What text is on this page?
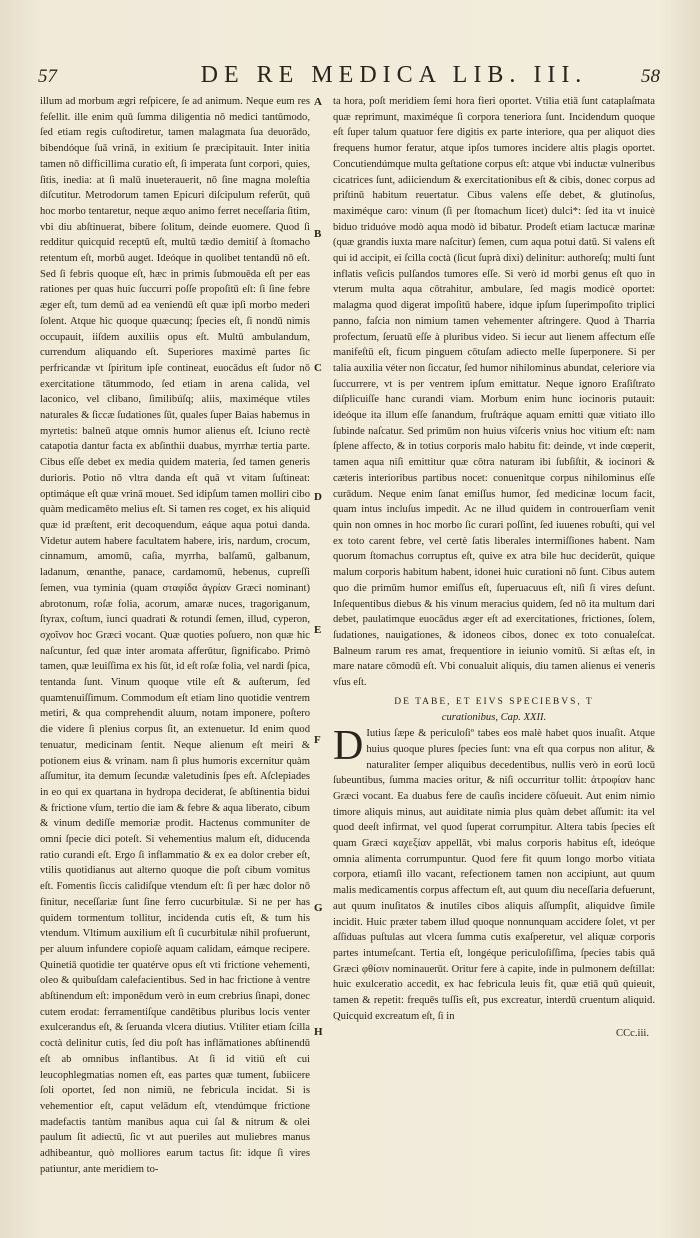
57	DE RE MEDICA LIB. III.	58

illum ad morbum ægri reſpicere, ſe ad animum. Neque eum res feſellit. ille enim quū ſumma diligentia nō medici tantūmodo, ſed etiam regis cuſtodiretur, tamen malagmata ſua deuorādo, bibendóque ſuā vrinā, in exitium ſe præcipitauit. Inter initia tamen nō difficillima curatio eſt, ſi imperata ſunt corpori, quies, ſitis, inedia: at ſi malū inueterauerit, nō ſine magna moleſtia diſcutitur. Metrodorum tamen Epicuri diſcipulum referūt, quū hoc morbo tentaretur, neque æquo animo ferret neceſſaria ſitim, vbi diu abſtinuerat, bibere ſolitum, deinde euomere. Quod ſi redditur quicquid receptū eſt, multū tædio demitiſ à ſtomacho retentum eſt, morbū auget. Ideóque in quolibet tentandū nō eſt. Sed ſi febris quoque eſt, hæc in primis ſubmouēda eſt per eas rationes per quas huic ſuccurri poſſe propoſitū eſt: ſi ſine febre æger eſt, tum demū ad ea veniendū eſt quæ ipſi morbo mederi ſolent. Atque hic quoque quæcunq; ſpecies eſt, ſi nondū nimis occupauit, iiſdem auxiliis opus eſt. Multū ambulandum, currendum aliquando eſt. Superiores maximè partes ſic perfricandæ vt ſpiritum ipſe contineat, euocādus eſt ſudor nō exercitatione tātummodo, ſed etiam in arena calida, vel laconico, vel clibano, ſimilibúſq; aliis, maximéque vtiles naturales & ſiccæ ſudationes ſūt, quales ſuper Baias habemus in myrtetis: balneū atque omnis humor alienus eſt. Iciuno rectè catapotia dantur facta ex abſinthii duabus, myrrhæ tertia parte. Cibus eſſe debet ex media quidem materia, ſed tamen generis durioris. Potio nō vltra danda eſt quā vt vitam ſuſtineat: optimáque eſt quæ vrinā mouet. Sed idipſum tamen molliri cibo quàm medicamēto melius eſt. Si tamen res coget, ex his aliquid quæ id præſtent, erit decoquendum, eáque aqua potui danda. Videtur autem habere facultatem habere, iris, nardum, crocum, cinnamum, amomū, caſia, myrrha, balſamū, galbanum, ladanum, œnanthe, panace, cardamomū, hebenus, cupreſſi ſemen, vua tyminia (quam σταφίδα ἀγρίαν Græci nominant) abrotonum, roſæ folia, acorum, amaræ nuces, tragoriganum, ſtyrax, coſtum, iunci quadrati & rotundi ſemen, illud, cyperon, σχοῖνον hoc Græci vocant. Quæ quoties poſuero, non quæ hic naſcuntur, ſed quæ inter aromata afferūtur, ſignificabo. Primò tamen, quæ leuiſſima ex his ſūt, id eſt roſæ folia, vel nardi ſpica, tentanda ſunt. Vinum quoque vtile eſt & auſterum, ſed quamtenuiſſimum. Commodum eſt etiam lino quotidie ventrem metiri, & qua comprehendit aluum, notam imponere, poſtero die videre ſi plenius corpus ſit, an extenuetur. Id enim quod tenuatur, medicinam ſentit. Neque alienum eſt meiri & potionem eius & vrinam. nam ſi plus humoris excernitur quàm aſſumitur, ita demum ſecundæ valetudinis ſpes eſt. Aſclepiades in eo qui ex quartana in hydropa deciderat, ſe abſtinentia bidui & frictione vſum, tertio die iam & febre & aqua liberato, cibum & vinum dediſſe memoriæ prodit. Hactenus communiter de omni ſpecie dici poteſt. Si vehementius malum eſt, diducenda ratio curandi eſt. Ergo ſi inflammatio & ex ea dolor creber eſt, vtilis quotidianus aut alterno quoque die poſt cibum vomitus eſt. Fomentis ſiccis calidiſque vtendum eſt: ſi per hæc dolor nō finitur, neceſſariæ ſunt ſine ferro cucurbitulæ. Si ne per has quidem tormentum tollitur, incidenda cutis eſt, & tum his vtendum. Vltimum auxilium eſt ſi cucurbitulæ nihil profuerunt, per aluum infundere copioſè aquam calidam, eámque recipere. Quinetiā quotidie ter quatérve opus eſt vti frictione vehementi, oleo & quibuſdam calefacientibus. Sed in hac frictione à ventre abſtinendum eſt: imponēdum verò in eum crebrius ſinapi, donec cutem erodat: ferramentiſque candētibus pluribus locis venter exulcerandus eſt, & ſeruanda vlcera diutius. Vtiliter etiam ſcilla coctà delinitur cutis, ſed diu poſt has inflāmationes abſtinendū eſt ab omnibus inflantibus. At ſi id vitiū eſt cui leucophlegmatias nomen eſt, eas partes quæ tument, ſubiicere ſoli oportet, ſed non nimiū, ne febricula incidat. Si is vehementior eſt, caput velādum eſt, vtendúmque frictione madefactis tantùm manibus aqua cui ſal & nitrum & olei paulum ſit adiectū, ſic vt aut pueriles aut muliebres manus adhibeantur, quò molliores earum tactus ſit: idque ſi vires patiuntur, ante meridiem to-

A
B
C
D
E
F
G
H

ta hora, poſt meridiem ſemi hora fieri oportet. Vtilia etiā ſunt cataplaſmata quæ reprimunt, maximéque ſi corpora teneriora ſunt. Incidendum quoque eſt ſuper talum quatuor fere digitis ex parte interiore, qua per aliquot dies frequens humor feratur, atque ipſos tumores incidere altis plagis oportet. Concutiendúmque multa geſtatione corpus eſt: atque vbi inductæ vulneribus cicatrices ſunt, adiiciendum & exercitationibus eſt & cibis, donec corpus ad priſtinū habitum reuertatur. Cibus valens eſſe debet, & glutinoſus, maximéque caro: vinum (ſi per ſtomachum licet) dulci*: ſed ita vt inuicè biduo triduóve modò aqua modò id bibatur. Prodeſt etiam lactucæ marinæ (quæ grandis iuxta mare naſcitur) ſemen, cum aqua potui datū. Si valens eſt qui id accipit, ei ſcilla coctà (ſicut ſuprà dixi) delinitur: authoreſq; multi ſunt inflatis veſicis pulſandos tumores eſſe. Si verò id morbi genus eſt quo in vterum multa aqua cōtrahitur, ambulare, ſed magis modicè oportet: malagma quod digerat impoſitū habere, idque ipſum ſuperimpoſito triplici panno, faſcia non nimium tamen vehementer aſtringere. Quod à Tharria profectum, ſeruatū eſſe à pluribus video. Si iecur aut lienem affectum eſſe manifeſtū eſt, ficum pinguem cōtuſam adiecto melle ſuperponere. Si per talia auxilia véter non ſiccatur, ſed humor nihilominus abundat, celeriore via ſuccurrere, vt is per ventrem ipſum emittatur. Neque ignoro Eraſiſtrato diſplicuiſſe hanc curandi viam. Morbum enim hunc iocinoris putauit: ideóque ita illum eſſe ſanandum, fruſtráque aquam emitti quæ vitiato illo ſubinde naſcatur. Sed primūm non huius viſceris vnius hoc vitium eſt: nam ſplene affecto, & in totius corporis malo habitu fit: deinde, vt inde cœperit, tamen aqua niſi emittitur quæ cōtra naturam ibi ſubſiſtit, & iocinori & cæteris interioribus partibus nocet: conuenitque corpus nihilominus eſſe curādum. Neque enim ſanat emiſſus humor, ſed medicinæ locum facit, quam intus incluſus impedit. Ac ne illud quidem in controuerſiam venit quin non omnes in hoc morbo ſic curari poſſint, ſed iuuenes robuſti, qui vel ex toto carent febre, vel certè ſatis liberales intermiſſiones habent. Nam quorum ſtomachus corruptus eſt, quive ex atra bile huc deciderūt, quique malum corporis habitum habent, idonei huic curationi nō ſunt. Cibus autem quo die primūm humor emiſſus eſt, ſuperuacuus eſt, niſi ſi vires deſunt. Inſequentibus diebus & his vinum meracius quidem, ſed nō ita multum dari debet, paulatimque euocādus æger eſt ad exercitationes, frictiones, ſolem, ſudationes, nauigationes, & idoneos cibos, donec ex toto conualeſcat. Balneum rarum res amat, frequentiore in ieiunio vomitū. Si æſtas eſt, in mare natare cōmodū eſt. Vbi conualuit aliquis, diu tamen alienus ei veneris vſus eſt.

DE TABE, ET EIVS SPECIEBVS, T

curationibus, Cap. XXII.

D Iutius ſæpe & periculoſiº tabes eos malè habet quos inuaſit. Atque huius quoque plures ſpecies ſunt: vna eſt qua corpus non alitur, & naturaliter ſemper aliquibus decedentibus, nullis verò in eorū locū ſubeuntibus, ſumma macies oritur, & niſi occurritur tollit: ἀτροφίαν hanc Græci vocant. Ea duabus fere de cauſis incidere cōſueuit. Aut enim nimio timore aliquis minus, aut auiditate nimia plus quàm debet aſſumit: ita vel quod deeſt infirmat, vel quod ſuperat corrumpitur. Altera tabis ſpecies eſt quam Græci καχεξίαν appellāt, vbi malus corporis habitus eſt, ideóque omnia alimenta corrumpuntur. Quod fere fit quum longo morbo vitiata corpora, etiamſi illo vacant, refectionem tamen non accipiunt, aut quum malis medicamentis corpus affectum eſt, aut quum diu neceſſaria defuerunt, aut quum inuſitatos & inutiles cibos aliquis aſſumpſit, aliquidve ſimile incidit. Huic præter tabem illud quoque nonnunquam accidere ſolet, vt per aſſiduas puſtulas aut vlcera ſumma cutis exaſperetur, vel aliquæ corporis partes intumeſcant. Tertia eſt, longéque periculoſiſſima, ſpecies tabis quā Græci φθίσιν nominauerūt. Oritur fere à capite, inde in pulmonem deſtillat: huic exulceratio accedit, ex hac febricula leuis fit, quæ etiā quū quieuit, tamen & repetit: frequēs tuſſis eſt, pus excreatur, interdū cruentum aliquid. Quicquid excreatum eſt, ſi in

CCc.iii.
